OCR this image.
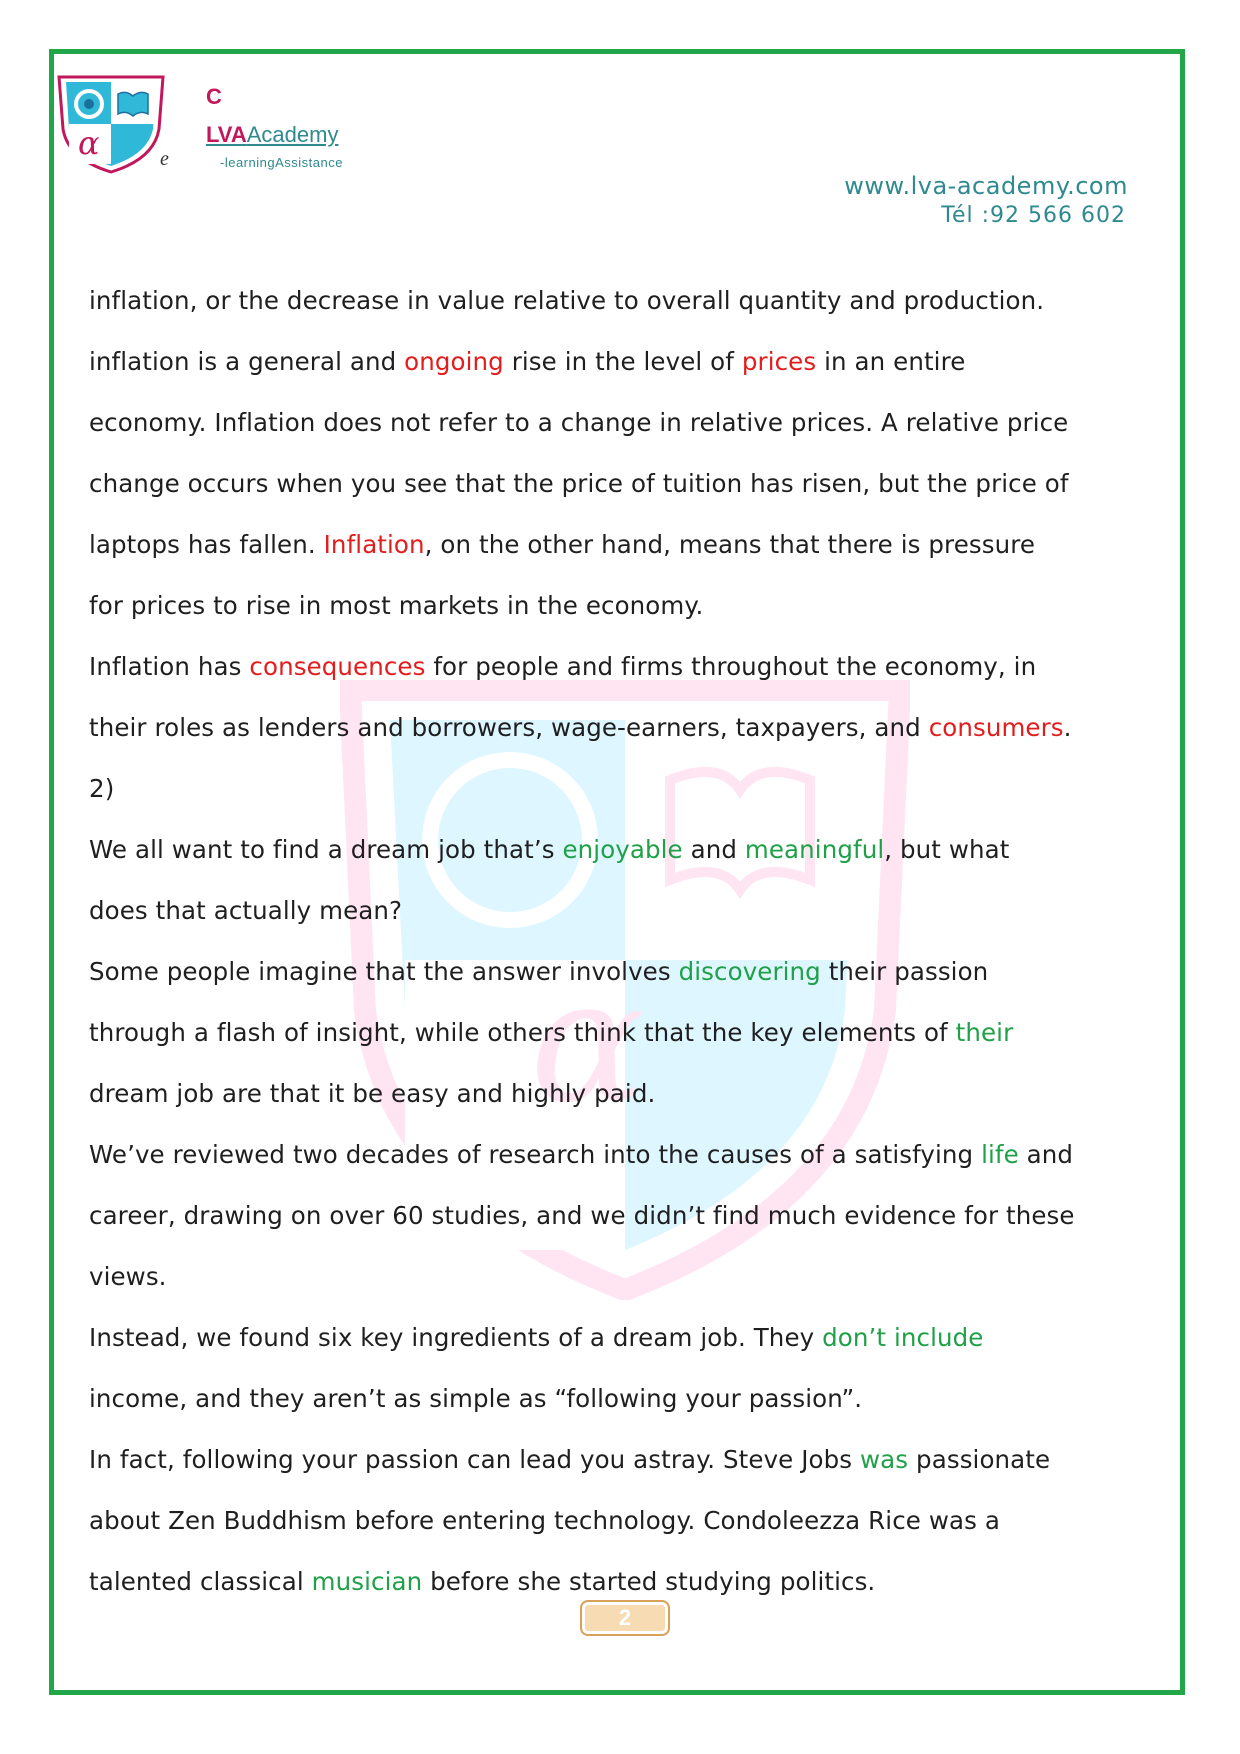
α
α	e
C
LVAAcademy
-learningAssistance
www.lva-academy.com
Tél :92 566 602
inflation, or the decrease in value relative to overall quantity and production.
inflation is a general and ongoing rise in the level of prices in an entire
economy. Inflation does not refer to a change in relative prices. A relative price
change occurs when you see that the price of tuition has risen, but the price of
laptops has fallen. Inflation, on the other hand, means that there is pressure
for prices to rise in most markets in the economy.
Inflation has consequences for people and firms throughout the economy, in
their roles as lenders and borrowers, wage-earners, taxpayers, and consumers.
2)
We all want to find a dream job that’s enjoyable and meaningful, but what
does that actually mean?
Some people imagine that the answer involves discovering their passion
through a flash of insight, while others think that the key elements of their
dream job are that it be easy and highly paid.
We’ve reviewed two decades of research into the causes of a satisfying life and
career, drawing on over 60 studies, and we didn’t find much evidence for these
views.
Instead, we found six key ingredients of a dream job. They don’t include
income, and they aren’t as simple as “following your passion”.
In fact, following your passion can lead you astray. Steve Jobs was passionate
about Zen Buddhism before entering technology. Condoleezza Rice was a
talented classical musician before she started studying politics.
2
